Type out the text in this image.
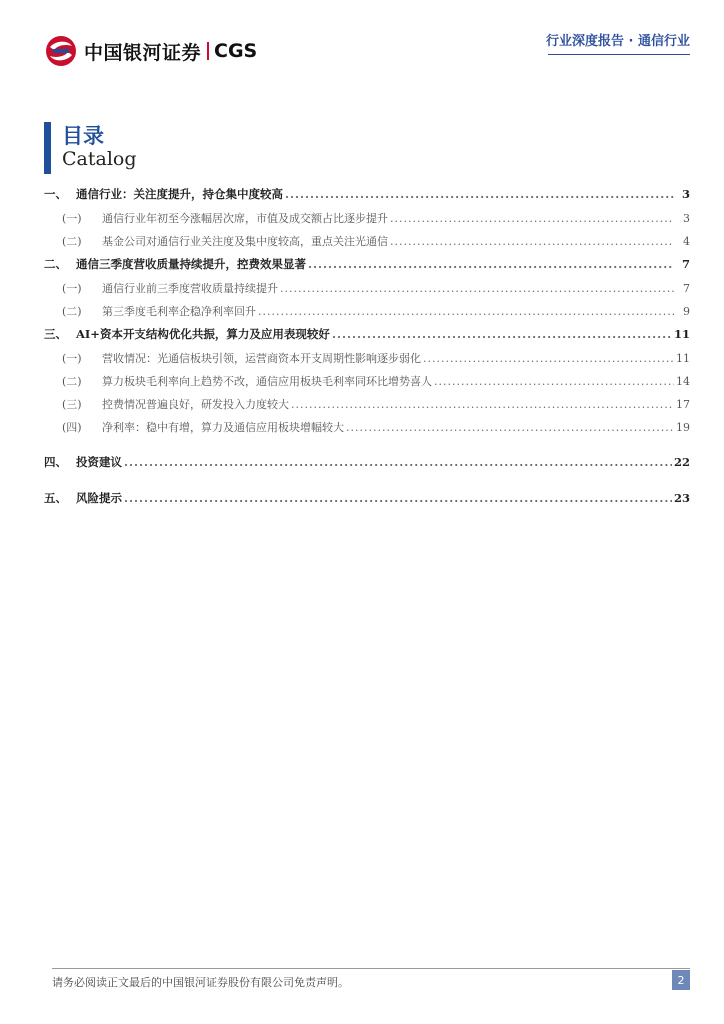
中国银河证券 CGS	行业深度报告 · 通信行业
目录
Catalog
一、 通信行业：关注度提升，持仓集中度较高 .....	3
(一)	通信行业年初至今涨幅居次席，市值及成交额占比逐步提升 .....	3
(二)	基金公司对通信行业关注度及集中度较高，重点关注光通信 .....	4
二、 通信三季度营收质量持续提升，控费效果显著 .....	7
(一)	通信行业前三季度营收质量持续提升 .....	7
(二)	第三季度毛利率企稳净利率回升 .....	9
三、 AI+资本开支结构优化共振，算力及应用表现较好 .....	11
(一)	营收情况：光通信板块引领，运营商资本开支周期性影响逐步弱化 .....	11
(二)	算力板块毛利率向上趋势不改，通信应用板块毛利率同环比增势喜人 .....	14
(三)	控费情况普遍良好，研发投入力度较大 .....	17
(四)	净利率：稳中有增，算力及通信应用板块增幅较大 .....	19
四、 投资建议 .....	22
五、 风险提示 .....	23
请务必阅读正文最后的中国银河证券股份有限公司免责声明。	2
